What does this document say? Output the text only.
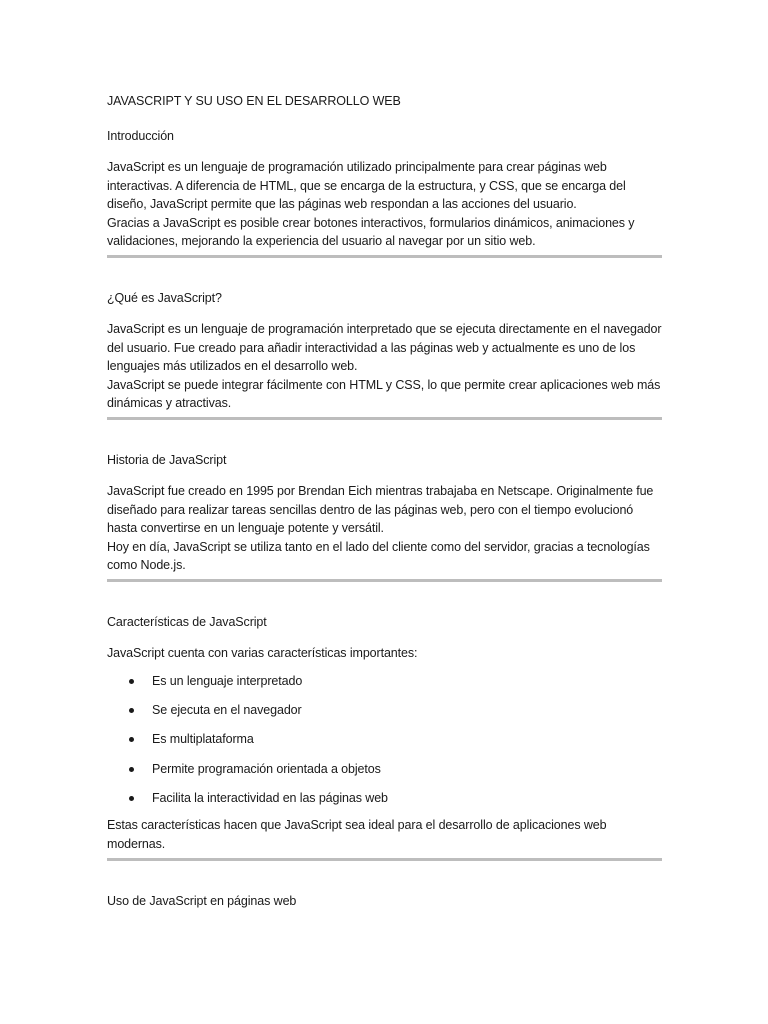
JAVASCRIPT Y SU USO EN EL DESARROLLO WEB
Introducción

JavaScript es un lenguaje de programación utilizado principalmente para crear páginas web interactivas. A diferencia de HTML, que se encarga de la estructura, y CSS, que se encarga del diseño, JavaScript permite que las páginas web respondan a las acciones del usuario.

Gracias a JavaScript es posible crear botones interactivos, formularios dinámicos, animaciones y validaciones, mejorando la experiencia del usuario al navegar por un sitio web.

¿Qué es JavaScript?

JavaScript es un lenguaje de programación interpretado que se ejecuta directamente en el navegador del usuario. Fue creado para añadir interactividad a las páginas web y actualmente es uno de los lenguajes más utilizados en el desarrollo web.

JavaScript se puede integrar fácilmente con HTML y CSS, lo que permite crear aplicaciones web más dinámicas y atractivas.

Historia de JavaScript

JavaScript fue creado en 1995 por Brendan Eich mientras trabajaba en Netscape. Originalmente fue diseñado para realizar tareas sencillas dentro de las páginas web, pero con el tiempo evolucionó hasta convertirse en un lenguaje potente y versátil.

Hoy en día, JavaScript se utiliza tanto en el lado del cliente como del servidor, gracias a tecnologías como Node.js.

Características de JavaScript

JavaScript cuenta con varias características importantes:

Es un lenguaje interpretado
Se ejecuta en el navegador
Es multiplataforma
Permite programación orientada a objetos
Facilita la interactividad en las páginas web

Estas características hacen que JavaScript sea ideal para el desarrollo de aplicaciones web modernas.

Uso de JavaScript en páginas web
